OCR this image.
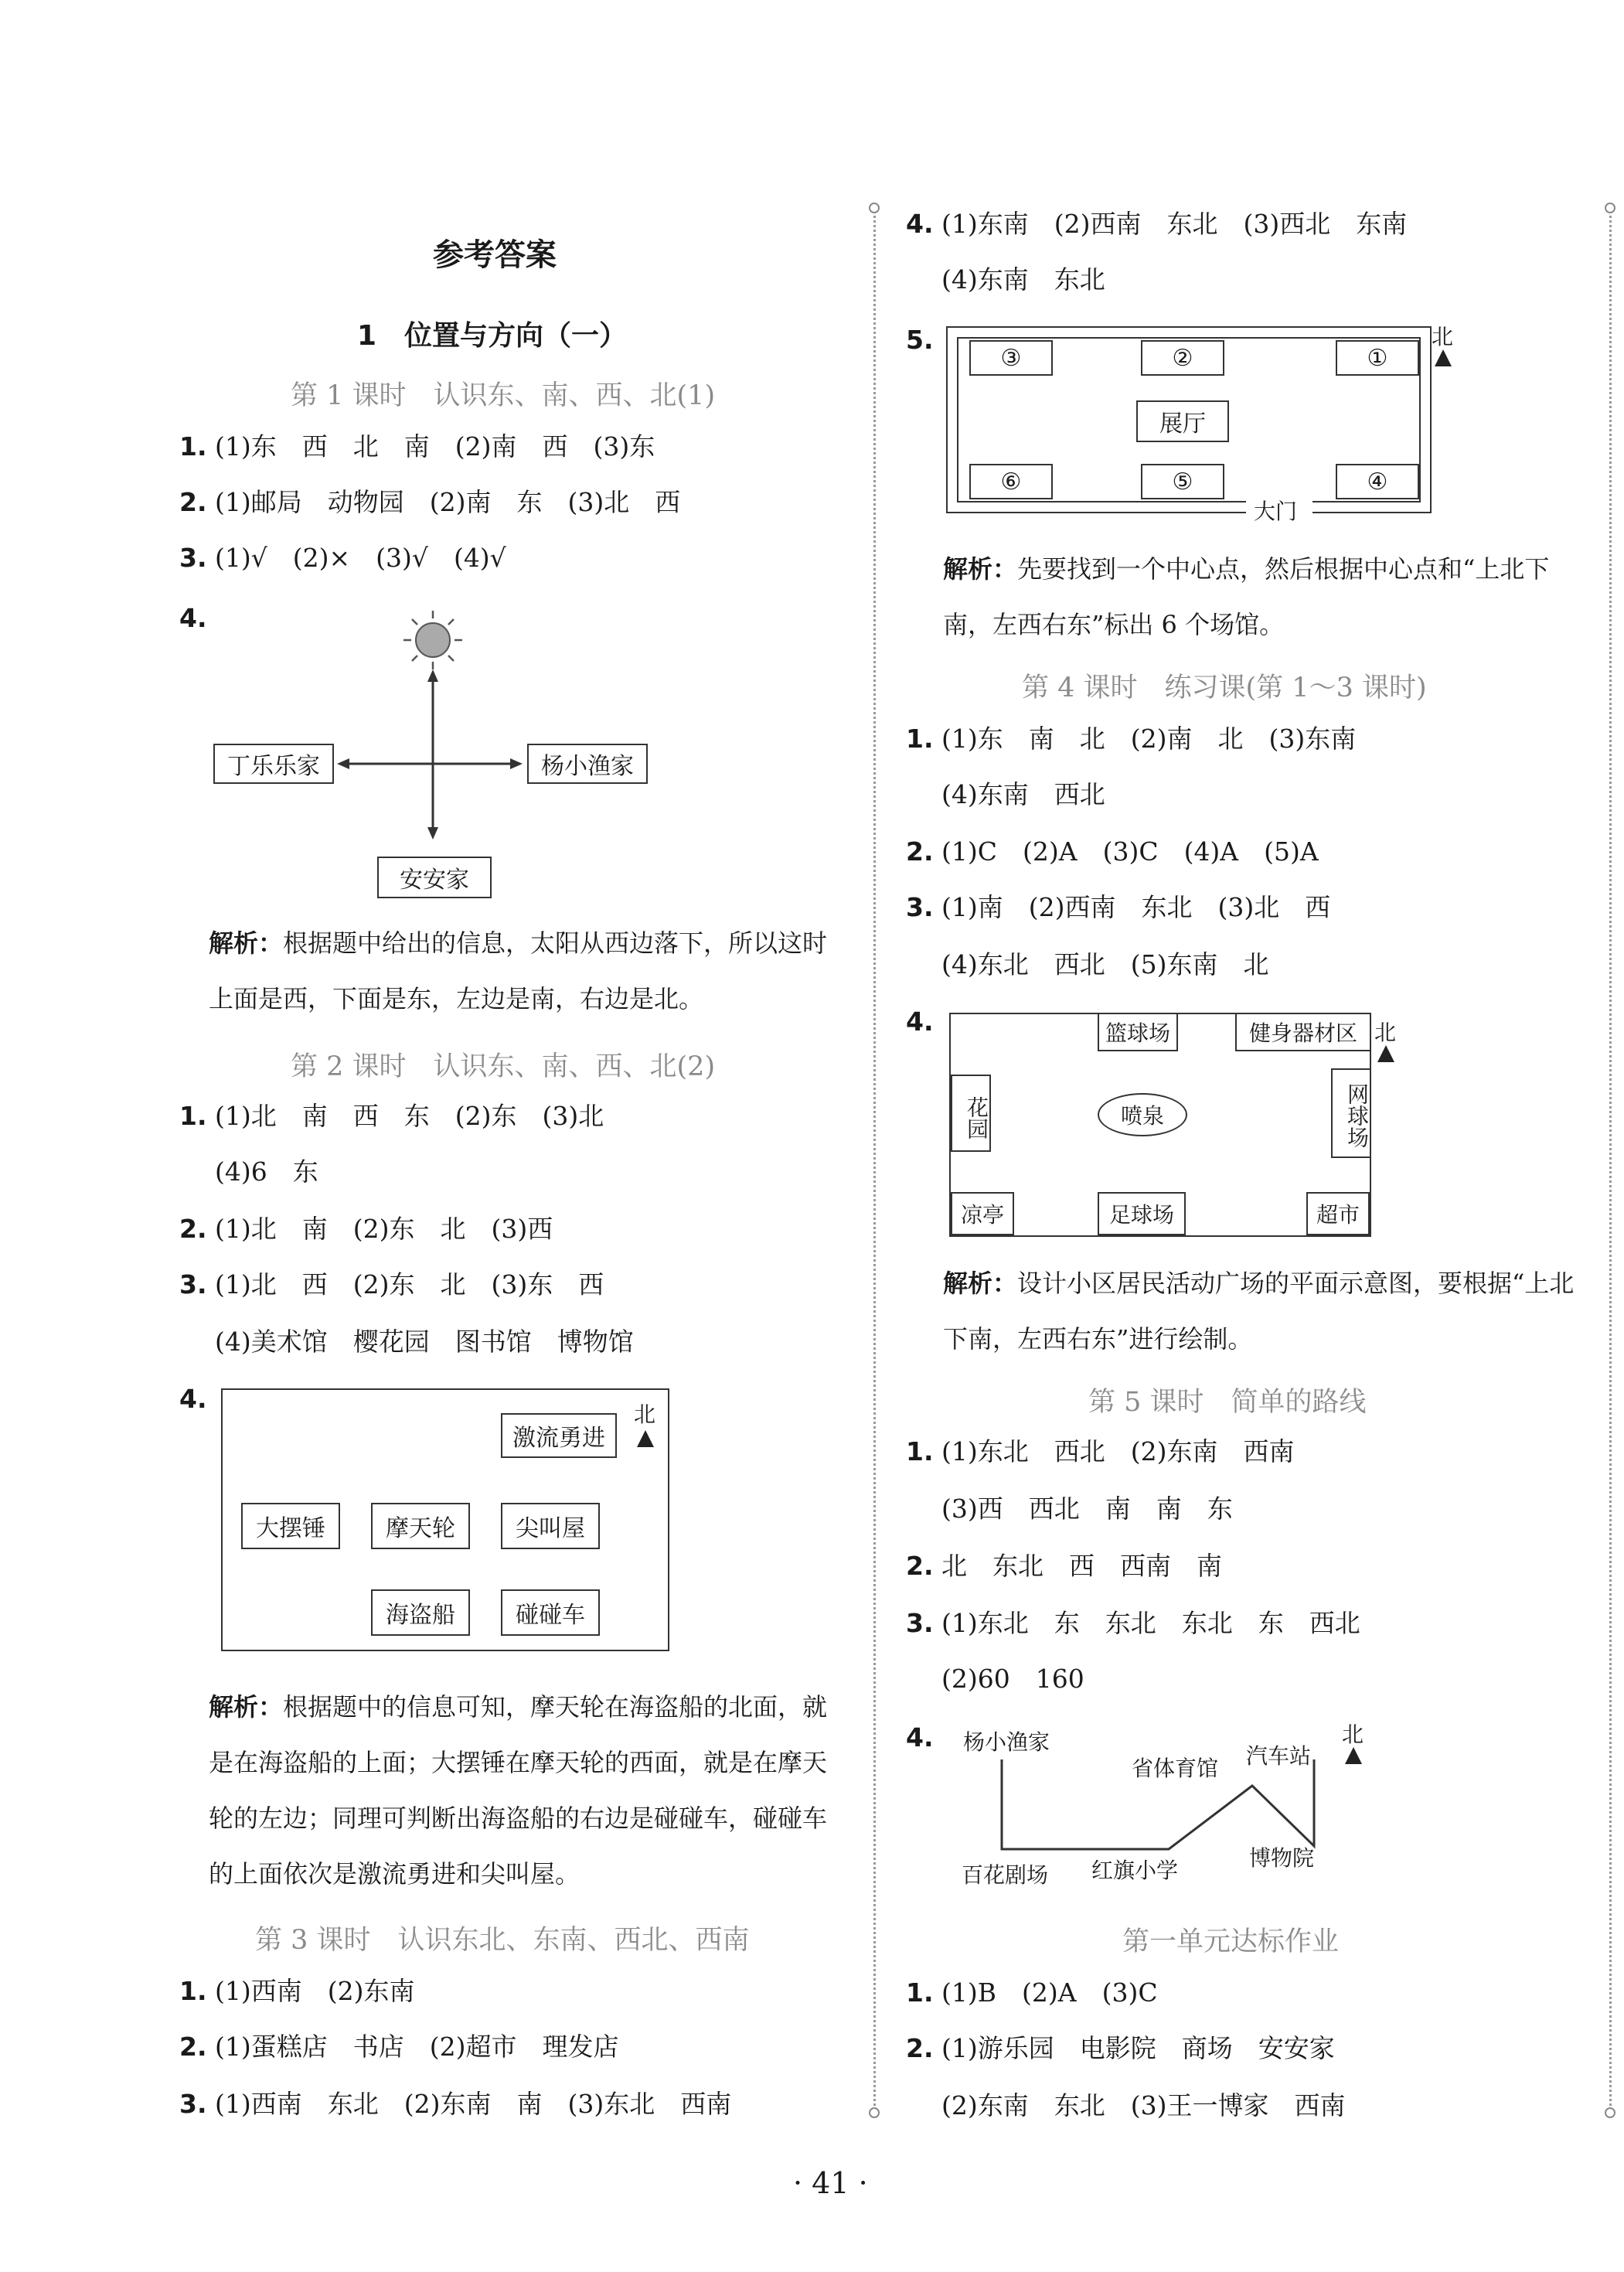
参考答案
1　位置与方向（一）
第 1 课时　认识东、南、西、北(1)
1. (1)东　西　北　南　(2)南　西　(3)东
2. (1)邮局　动物园　(2)南　东　(3)北　西
3. (1)√　(2)×　(3)√　(4)√
4.
丁乐乐家	杨小渔家
安安家
解析：根据题中给出的信息，太阳从西边落下，所以这时上面是西，下面是东，左边是南，右边是北。
第 2 课时　认识东、南、西、北(2)
1. (1)北　南　西　东　(2)东　(3)北
(4)6　东
2. (1)北　南　(2)东　北　(3)西
3. (1)北　西　(2)东　北　(3)东　西
(4)美术馆　樱花园　图书馆　博物馆
4.
激流勇进
北
大摆锤	摩天轮	尖叫屋
海盗船	碰碰车
解析：根据题中的信息可知，摩天轮在海盗船的北面，就是在海盗船的上面；大摆锤在摩天轮的西面，就是在摩天轮的左边；同理可判断出海盗船的右边是碰碰车，碰碰车的上面依次是激流勇进和尖叫屋。
第 3 课时　认识东北、东南、西北、西南
1. (1)西南　(2)东南
2. (1)蛋糕店　书店　(2)超市　理发店
3. (1)西南　东北　(2)东南　南　(3)东北　西南
4. (1)东南　(2)西南　东北　(3)西北　东南
(4)东南　东北
5.
③	②	①
展厅
⑥	⑤	④
大门
北
解析：先要找到一个中心点，然后根据中心点和“上北下南，左西右东”标出 6 个场馆。
第 4 课时　练习课(第 1～3 课时)
1. (1)东　南　北　(2)南　北　(3)东南
(4)东南　西北
2. (1)C　(2)A　(3)C　(4)A　(5)A
3. (1)南　(2)西南　东北　(3)北　西
(4)东北　西北　(5)东南　北
4.	篮球场	健身器材区 北
花园	喷泉	网球场
凉亭	足球场	超市
解析：设计小区居民活动广场的平面示意图，要根据“上北下南，左西右东”进行绘制。
第 5 课时　简单的路线
1. (1)东北　西北　(2)东南　西南
(3)西　西北　南　南　东
2. 北　东北　西　西南　南
3. (1)东北　东　东北　东北　东　西北
(2)60　160
4.	杨小渔家
省体育馆 汽车站
北
百花剧场 红旗小学	博物院
第一单元达标作业
1. (1)B　(2)A　(3)C
2. (1)游乐园　电影院　商场　安安家
(2)东南　东北　(3)王一博家　西南
· 41 ·
